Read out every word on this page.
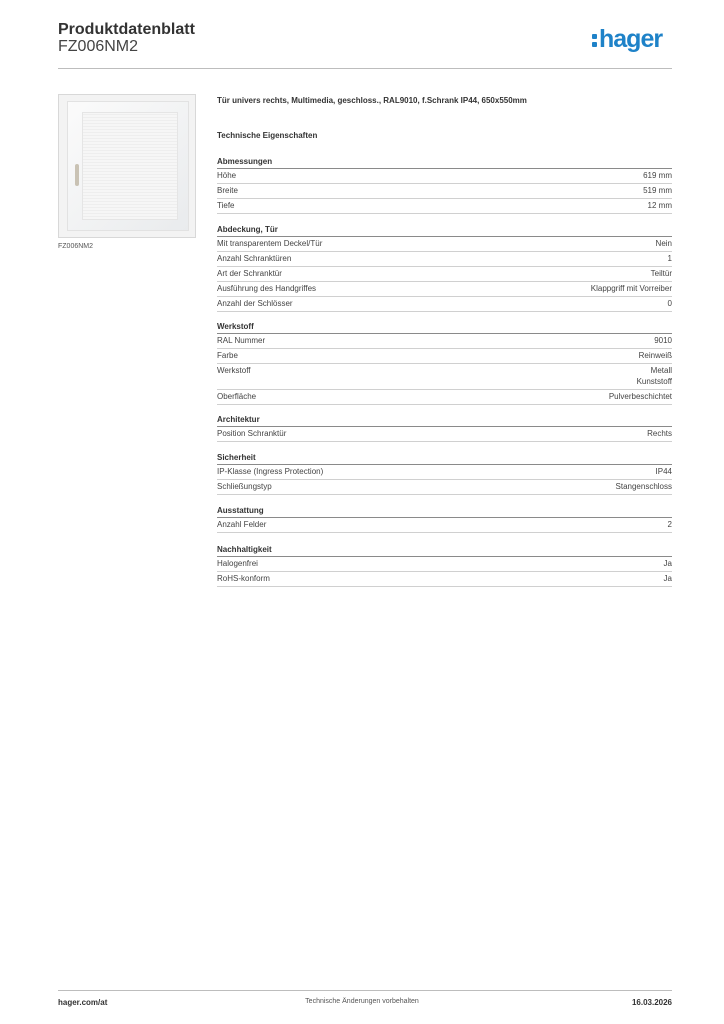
Produktdatenblatt
FZ006NM2	hager
FZ006NM2
Tür univers rechts, Multimedia, geschloss., RAL9010, f.Schrank IP44, 650x550mm
Technische Eigenschaften
Abmessungen
Höhe	619 mm
Breite	519 mm
Tiefe	12 mm
Abdeckung, Tür
Mit transparentem Deckel/Tür	Nein
Anzahl Schranktüren	1
Art der Schranktür	Teiltür
Ausführung des Handgriffes	Klappgriff mit Vorreiber
Anzahl der Schlösser	0
Werkstoff
RAL Nummer	9010
Farbe	Reinweiß
Werkstoff	Metall
Kunststoff
Oberfläche	Pulverbeschichtet
Architektur
Position Schranktür	Rechts
Sicherheit
IP-Klasse (Ingress Protection)	IP44
Schließungstyp	Stangenschloss
Ausstattung
Anzahl Felder	2
Nachhaltigkeit
Halogenfrei	Ja
RoHS-konform	Ja
hager.com/at	Technische Änderungen vorbehalten	16.03.2026
